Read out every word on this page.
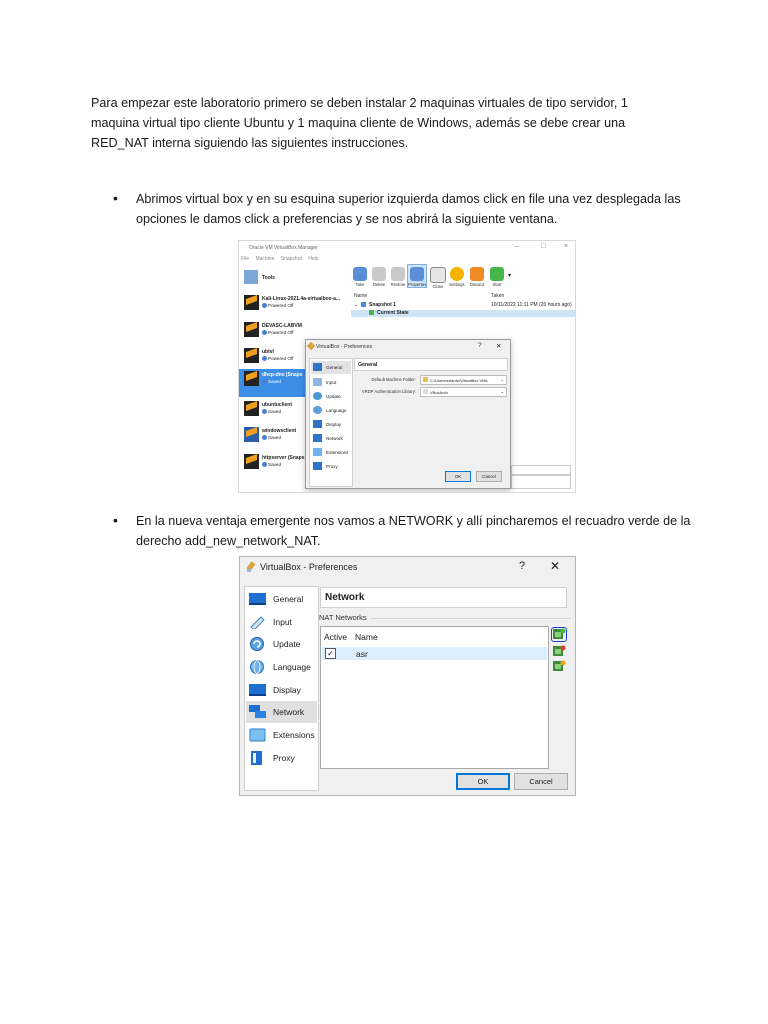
Para empezar este laboratorio primero se deben instalar 2 maquinas virtuales de tipo servidor, 1 maquina virtual tipo cliente Ubuntu y 1 maquina cliente de Windows, además se debe crear una RED_NAT interna siguiendo las siguientes instrucciones.
• Abrimos virtual box y en su esquina superior izquierda damos click en file una vez desplegada las opciones le damos click a preferencias y se nos abrirá la siguiente ventana.
• En la nueva ventaja emergente nos vamos a NETWORK y allí pincharemos el recuadro verde de la derecho add_new_network_NAT.
Oracle VM VirtualBox Manager	–	□	×
File Machine Snapshot Help
Tools
Kali-Linux-2021.4a-virtualbox-a...
Powered Off
DEVASC-LABVM
Powered Off
ubtvl
Powered Off
dhcp-dns (Snaps
Saved
ubuntuclient
Saved
windowsclient
Saved
httpserver (Snaps
Saved
Take	Delete	Restore Properties	Clone	Settings	Discard	Start
▾
Name	Taken
⌄ Snapshot 1	10/11/2022 11:11 PM (20 hours ago)
Current State
VirtualBox - Preferences	? ✕
General
Input
Update
Language
Display
Network
Extensions
Proxy
General
Default Machine Folder:	C:\Users\edardo\VirtualBox VMs	⌄
VRDP Authentication Library:	VBoxAuth	⌄
OK	Cancel
VirtualBox - Preferences	? ✕
General
Input
Update
Language
Display
Network
Extensions
Proxy
Network
NAT Networks
Active Name
✓	asr
OK	Cancel
